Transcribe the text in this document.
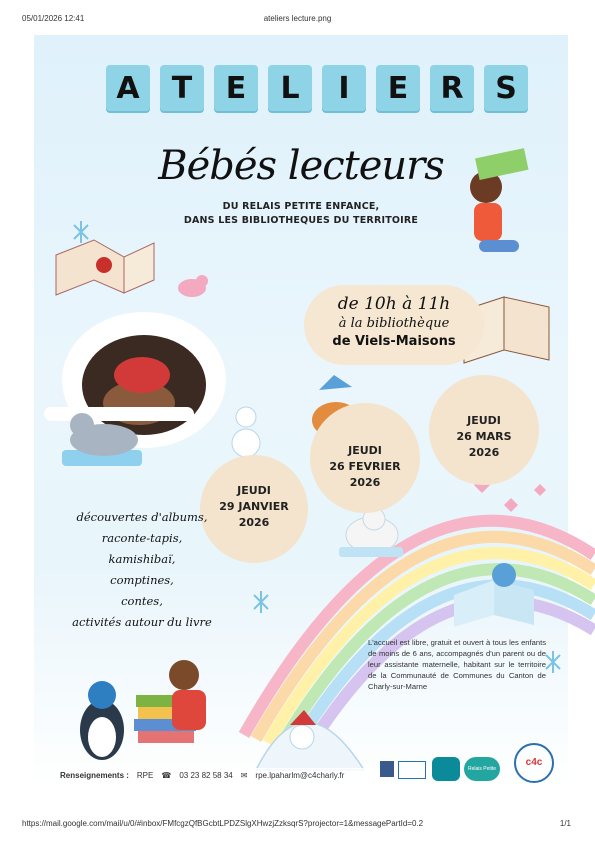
05/01/2026 12:41	ateliers lecture.png
A	T	E	L	I	E	R	S
Bébés lecteurs
DU RELAIS PETITE ENFANCE,
DANS LES BIBLIOTHEQUES DU TERRITOIRE
de 10h à 11h
à la bibliothèque
de Viels-Maisons
JEUDI
29 JANVIER
2026
JEUDI
26 FEVRIER
2026
JEUDI
26 MARS
2026
découvertes d'albums,
raconte-tapis,
kamishibaï,
comptines,
contes,
activités autour du livre
L'accueil est libre, gratuit et ouvert à tous les enfants de moins de 6 ans, accompagnés d'un parent ou de leur assistante maternelle, habitant sur le territoire de la Communauté de Communes du Canton de Charly-sur-Marne
Renseignements : RPE ☎ 03 23 82 58 34 ✉ rpe.lpaharlm@c4charly.fr
Relais Petite Enfance
c4c
https://mail.google.com/mail/u/0/#inbox/FMfcgzQfBGcbtLPDZSlgXHwzjZzksqrS?projector=1&messagePartId=0.2	1/1
